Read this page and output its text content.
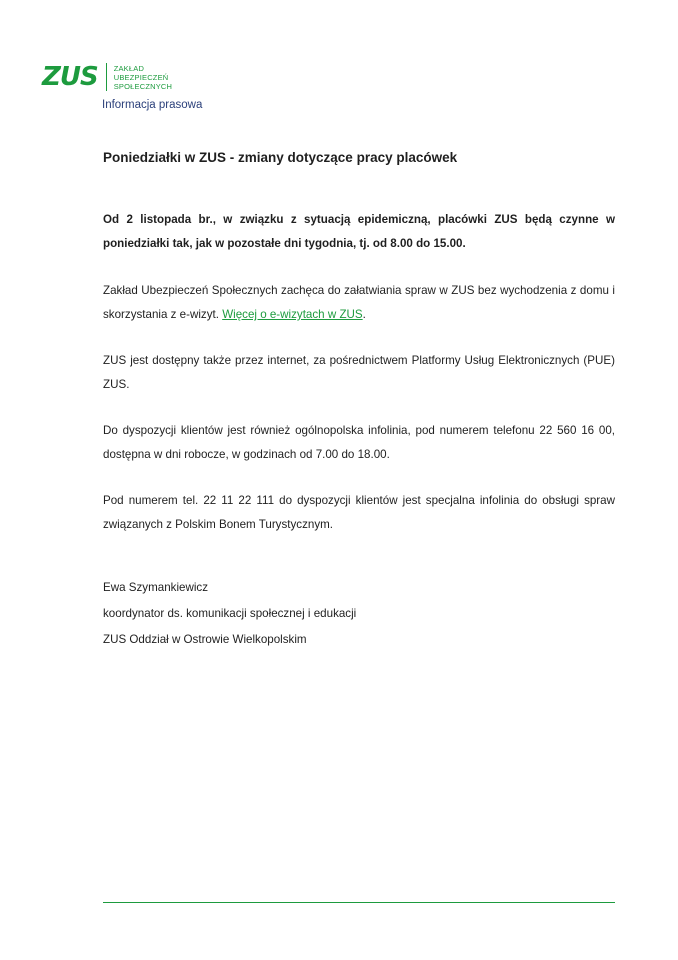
ZUS ZAKŁAD
UBEZPIECZEŃ
SPOŁECZNYCH
Informacja prasowa
Poniedziałki w ZUS - zmiany dotyczące pracy placówek

Od 2 listopada br., w związku z sytuacją epidemiczną, placówki ZUS będą czynne w poniedziałki tak, jak w pozostałe dni tygodnia, tj. od 8.00 do 15.00.

Zakład Ubezpieczeń Społecznych zachęca do załatwiania spraw w ZUS bez wychodzenia z domu i skorzystania z e-wizyt. Więcej o e-wizytach w ZUS.

ZUS jest dostępny także przez internet, za pośrednictwem Platformy Usług Elektronicznych (PUE) ZUS.

Do dyspozycji klientów jest również ogólnopolska infolinia, pod numerem telefonu 22 560 16 00, dostępna w dni robocze, w godzinach od 7.00 do 18.00.

Pod numerem tel. 22 11 22 111 do dyspozycji klientów jest specjalna infolinia do obsługi spraw związanych z Polskim Bonem Turystycznym.

Ewa Szymankiewicz
koordynator ds. komunikacji społecznej i edukacji
ZUS Oddział w Ostrowie Wielkopolskim
